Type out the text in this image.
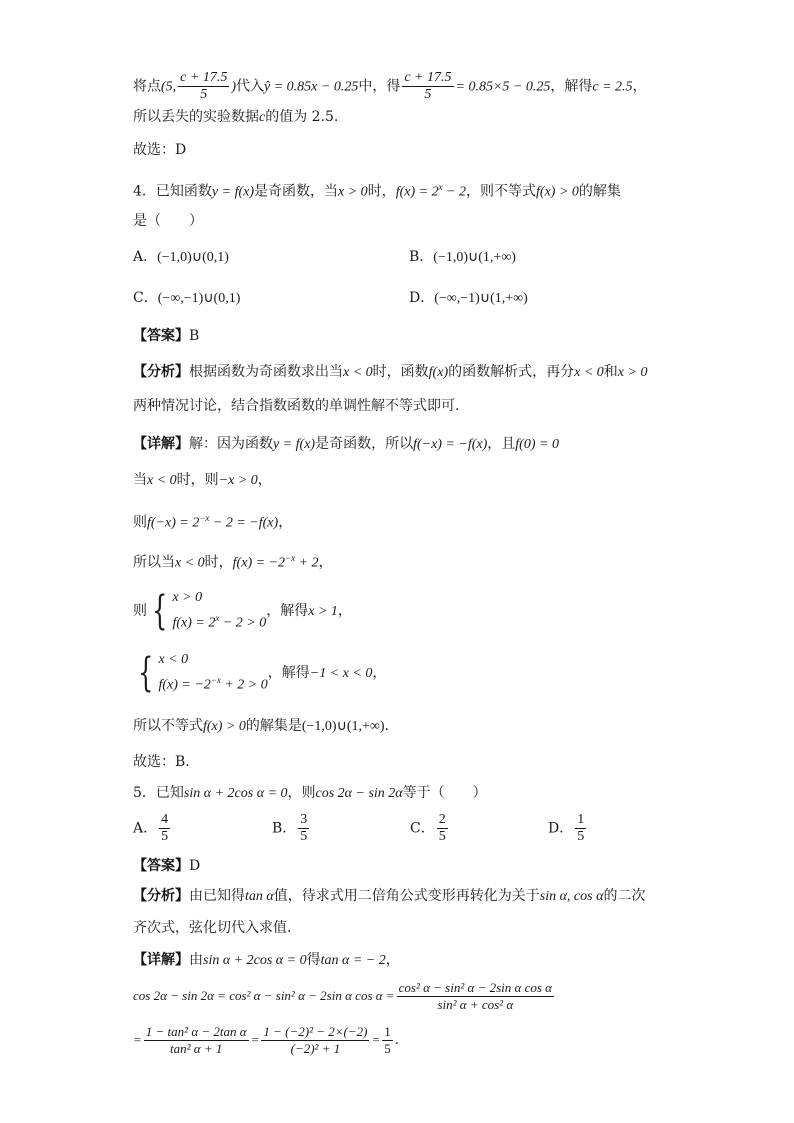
将点(5, $\frac{c + 17.5}{5}$ )代入ŷ = 0.85x − 0.25中，得 $\frac{c + 17.5}{5} = 0.85\times 5 - 0.25$，解得c = 2.5，
所以丢失的实验数据c的值为 2.5.
故选：D
4．已知函数y = f(x)是奇函数，当x > 0时，$f(x) = 2^x - 2$，则不等式f(x) > 0的解集
是（　　）
A．(−1,0)∪(0,1)	B．(−1,0)∪(1,+∞)
C．(−∞,−1)∪(0,1)	D．(−∞,−1)∪(1,+∞)
【答案】B
【分析】根据函数为奇函数求出当x < 0时，函数f(x)的函数解析式，再分x < 0和x > 0
两种情况讨论，结合指数函数的单调性解不等式即可.
【详解】解：因为函数y = f(x)是奇函数，所以f(−x) = −f(x)，且f(0) = 0
当x < 0时，则−x > 0，
则$f(-x) = 2^{-x} - 2 = -f(x)$，
所以当x < 0时，$f(x) = -2^{-x} + 2$，
则 { x > 0
$f(x) = 2^x - 2 > 0$
，解得x > 1，
{ x < 0
$f(x) = -2^{-x} + 2 > 0$
，解得−1 < x < 0，
所以不等式f(x) > 0的解集是(−1,0)∪(1,+∞).
故选：B.
5．已知sin α + 2cos α = 0，则cos 2α − sin 2α等于（　　）
A． $\frac{4}{5}$	B． $\frac{3}{5}$	C． $\frac{2}{5}$	D． $\frac{1}{5}$
【答案】D
【分析】由已知得tan α值，待求式用二倍角公式变形再转化为关于sin α, cos α的二次
齐次式，弦化切代入求值.
【详解】由sin α + 2cos α = 0得tan α = − 2，
cos 2α − sin 2α = cos² α − sin² α − 2sin α $\cos \alpha = \frac{\text{cos² α − sin² α − 2sin α cos α}}{\text{sin² α + cos² α}}$
= $\frac{\text{1 − tan² α − 2tan α}}{\text{tan² α + 1}} = \frac{\text{1 − (−2)² − 2×(−2)}}{\text{(−2)² + 1}} = \frac{1}{5}$ .
